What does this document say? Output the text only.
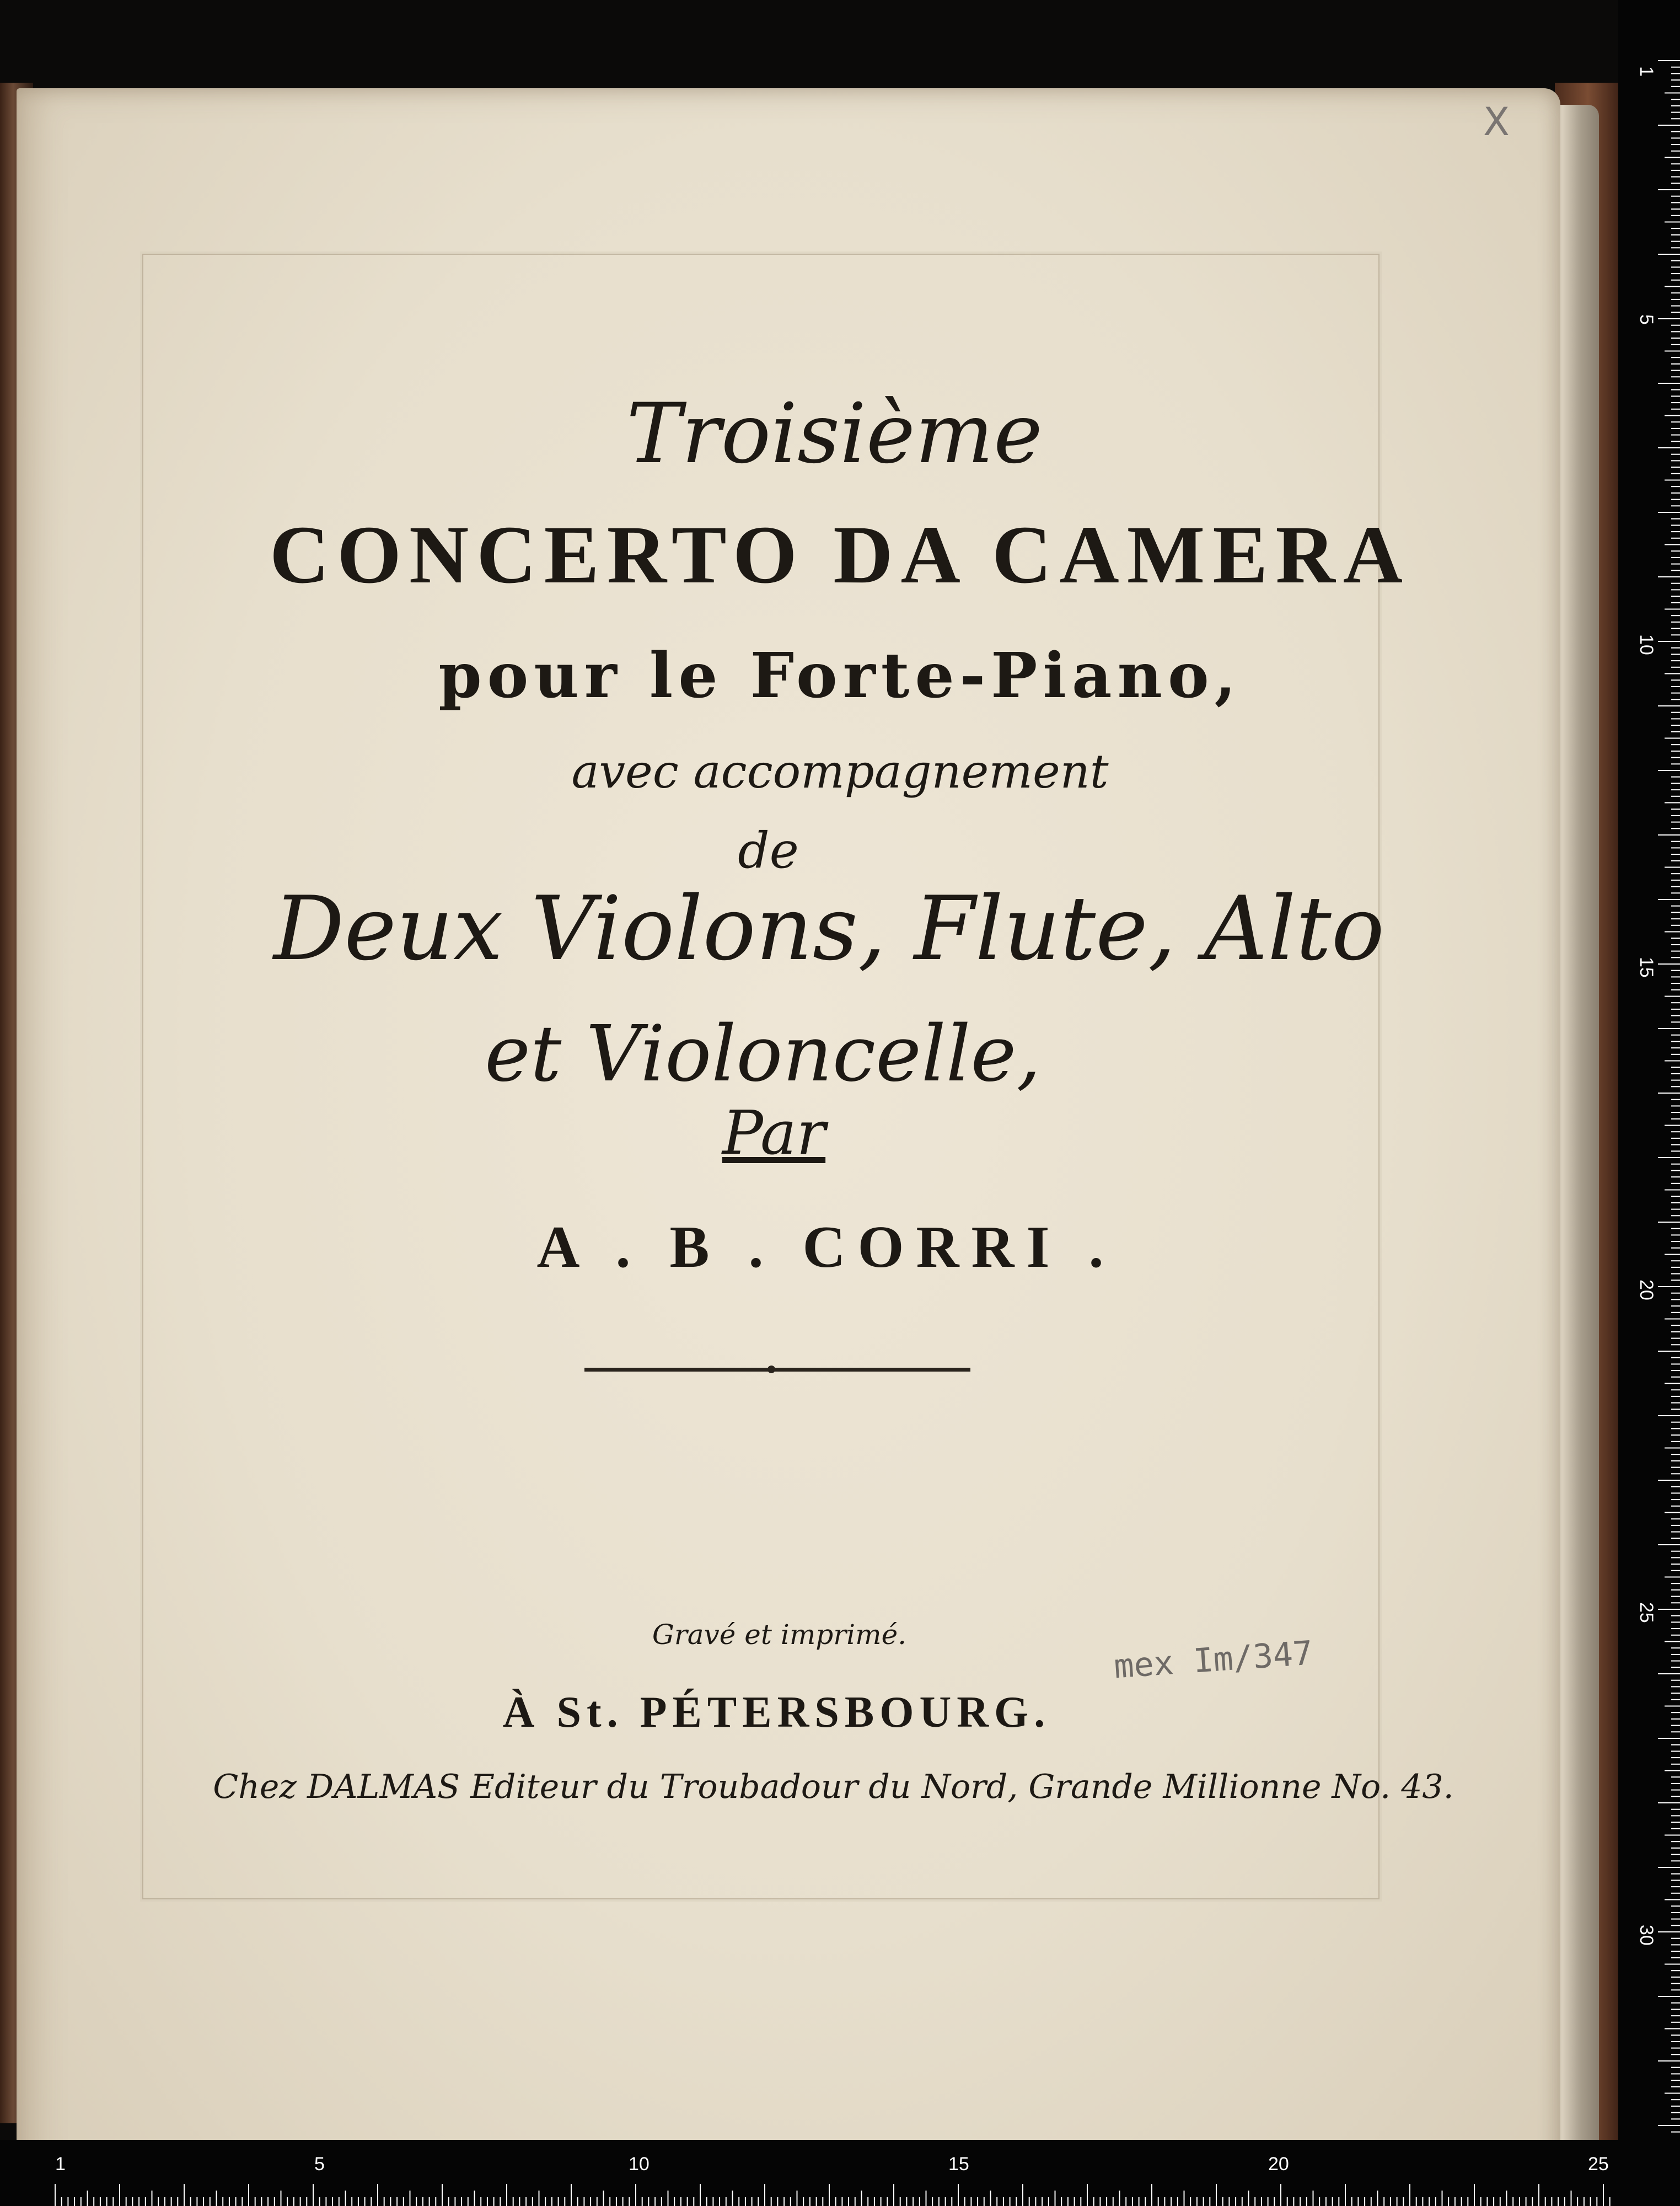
Troisième
CONCERTO DA CAMERA
pour le Forte-Piano,
avec accompagnement
de
Deux Violons, Flute, Alto
et Violoncelle,
Par
A . B . CORRI .
Gravé et imprimé.
À St. PÉTERSBOURG.
Chez DALMAS Editeur du Troubadour du Nord, Grande Millionne No. 43.
mex Im/347
X
1
5
10
15
20
25
30
1	5	10	15	20	25
